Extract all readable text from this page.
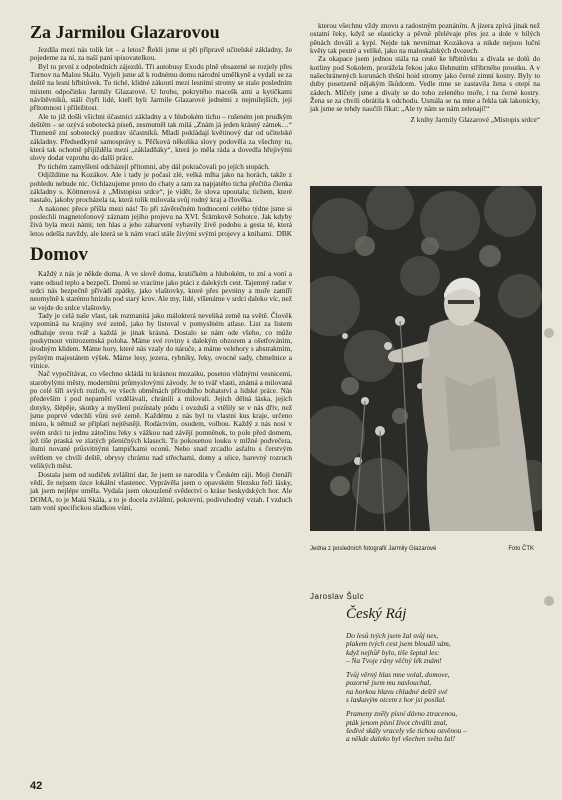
Za Jarmilou Glazarovou

Jezdila mezi nás tolik let – a letos? Řekli jsme si při přípravě učitelské základny, že pojedeme za ní, za naší paní spisovatelkou.

Byl to první z odpoledních zájezdů. Tři autobusy Exodu plně obsazené se rozjely přes Turnov na Malou Skálu. Vyjeli jsme až k rodnému domu národní umělkyně a vydali se za deště na lesní hřbitůvek. To tiché, klidné zákoutí mezi lesními stromy se stalo posledním místem odpočinku Jarmily Glazarové. U hrobu, pokrytého macešk ami a kytičkami návštěvníků, stáli čtyři lidé, kteří byli Jarmile Glazarové jednémi z nejmilejších, její přítomnost i příležitost.

Ale to již došli všichni účastníci základny a v hlubokém tichu – rušeném jen prudkým deštěm – se ozývá sobotecká píseň, zesmutněl tak milá „Znám já jeden krásný zámek…“ Tlumeně zní sobotecký pozdrav účastníků. Mladí pokládají květinový dar od učitelské základny. Předsedkyně samosprávy s. Pěčková několika slovy podověla za všechny tu, která tak ochotně přijížděla mezi „základňáky“, která jo měla ráda a dovedla hřejivými slovy dodat vzpruhu do další práce.

Po tichém zamyšlení odcházejí přítomní, aby dál pokračovali po jejích stopách.

Odjíždíme na Kozákov. Ale i tady je počasí zlé, velká mlha jako na horách, takže z pohledu nebude nic. Ochlazujeme proto do chaty a tam za napjatého ticha přečtíta členka základny s. Köttnerová z „Místopisu srdce“, je vidět, že slova upoutala; tichem, které nastalo, jakoby procházela ta, která tolik milovala svůj rodný kraj a člověka.

A nakonec přece přišla mezi nás! To při závěrečném hodnocení celého týdne jsme si poslechli magnetofonový záznam jejího projevu na XVI. Šrámkově Sobotce. Jak kdyby živá byla mezi námi; ten hlas a jeho zabarvení vybavily živě podobu a gesta té, která letos odešla navždy, ale která se k nám vrací stále živými svými projevy a knihami. DBK
Domov

Každý z nás je někde doma. A ve slově doma, kratičkém a hlubokém, to zní a voní a vane odsud teplo a bezpečí. Domů se vracíme jako ptáci z dalekých cest. Tajemný radar v srdci nás bezpečně přivádí zpátky, jako vlaštovky, které přes pevniny a moře zamíří neomylně k starému hnízdu pod starý krov. Ale my, lidé, víšenáme v srdci daleko víc, než se vejde do srdce vlaštovky.

Tady je celá naše vlast, tak rozmanitá jako málokterá neveliká země na světě. Člověk vzpomíná na krajiny své země, jako by listoval v pomyslném atlase. List za listem odhaluje svou tvář a každá je jinak krásná. Dostalo se nám ode všeho, co může poskytnout vnitrozemská poloha. Máme své roviny s dalekým obzorem a ošetřováním, úrodným klidem. Máme hory, které nás vzaly do náruče, a máme velehory s abstraktním, pyšným majestátem výšek. Máme lesy, jezera, rybníky, řeky, ovocné sady, chmelnice a vinice.

Nač vypočítávat, co všechno skládá tu krásnou mozaiku, posetou vlídnými vesnicemi, starobylými městy, moderními průmyslovými závody. Je to tvář vlasti, známá a milovaná po celé šíři svých rozloh, ve všech obměnách přírodního bohatství a lidské práce. Nás především i pod nepamětí vzdělávali, chránili a milovali. Jejich dělná láska, jejich dotyky, šlépěje, skutky a myšlení pozůstaly pódu i ovzduší a vtělily se v nás dřív, než jsme poprvé vdechli vůni své země. Každému z nás byl tu vlastní kus kraje, určeno místo, k němuž se připlatí nejtěsněji. Rodáctvím, osudem, volbou. Každý z nás nosí v svém srdci tu jednu zátočinu řeky s vážkou nad závějí pomněnek, to pole před domem, jež tiše praská ve zlatých pšeničných klasech. Tu pokosenou louku v mlžné podvečera, ilumi nované průsvitnými lampičkami oconů. Nebo snad zrcadlo asfaltu s čerstvým světlem ve chvíli deště, obrysy chrámu nad střechami, domy a ulice, barevný rozruch velikých měst.

Dostala jsem od sudiček zvláštní dar, že jsem se narodila v Českém ráji. Moji čtenáři vědí, že nejsem úzce lokální vlastenec. Vyprávěla jsem o opavském Slezsku řeči lásky, jak jsem nejlépe uměla. Vydala jsem okouzleně svědectví o kráse beskydských hor. Ale DOMA, to je Malá Skála, a to je docela zvláštní, pokrevní, podivuhodný vztah. I vzduch tam voní specifickou sladkou vůní,

kterou všechnu vždy znovu a radostným poznáním. A jizera zpívá jinak než ostatní řeky, když se elasticky a pěvně přelévaje přes jez a dole v bílých pěnách doválí a kypí. Nejde tak nevnímat Kozákova a nikde nejsou luční květy tak pestré a veliké, jako na maloskalských dvozech.

Za okapace jsem jednou stála na cestě ke hřbitůvku a dívala se dolů do kotliny pod Sokolem, prorážela řekou jako šlehnutím stříbrného proutku. A v našechránených korunách třešní hoid stromy jako černé zimní kostry. Byly to duby posetzeně nějakým škůdcem. Vedle mne se zastavila žena s otepí na zádech. Mlčely jsme a dívaly se do toho zeleného moře, i na černé kostry. Žena se za chvíli obrátila k odchodu. Usmála se na mne a řekla tak lakonicky, jak jsme se tehdy naučili říkat: „Ale ty nám se nám zelenají!“

Z knihy Jarmily Glazarové „Místopis srdce“

Jedna z posledních fotografií Jarmily Glazarové	Foto ČTK
Jaroslav Šulc
Český Ráj
Do lesů tvých jsem žal svůj nes,
plakem tvých cest jsem bloudil sám,
když nejhůř bylo, tiše šeptal les:
– Na Tvoje rány věčný lék znám!
Tvůj věrný hlas mne volal, domove,
pozorně jsem mu naslouchal,
na horkou hlavu chladné dešťě své
s laskavým otcem z hor jsi posílal.
Prameny zněly písní dávno ztracenou,
pták jenom písní život chválit znal,
šedivé skály vracely vše tichou ozvěnou –
a někde daleko byl všechen světa žal!
42
